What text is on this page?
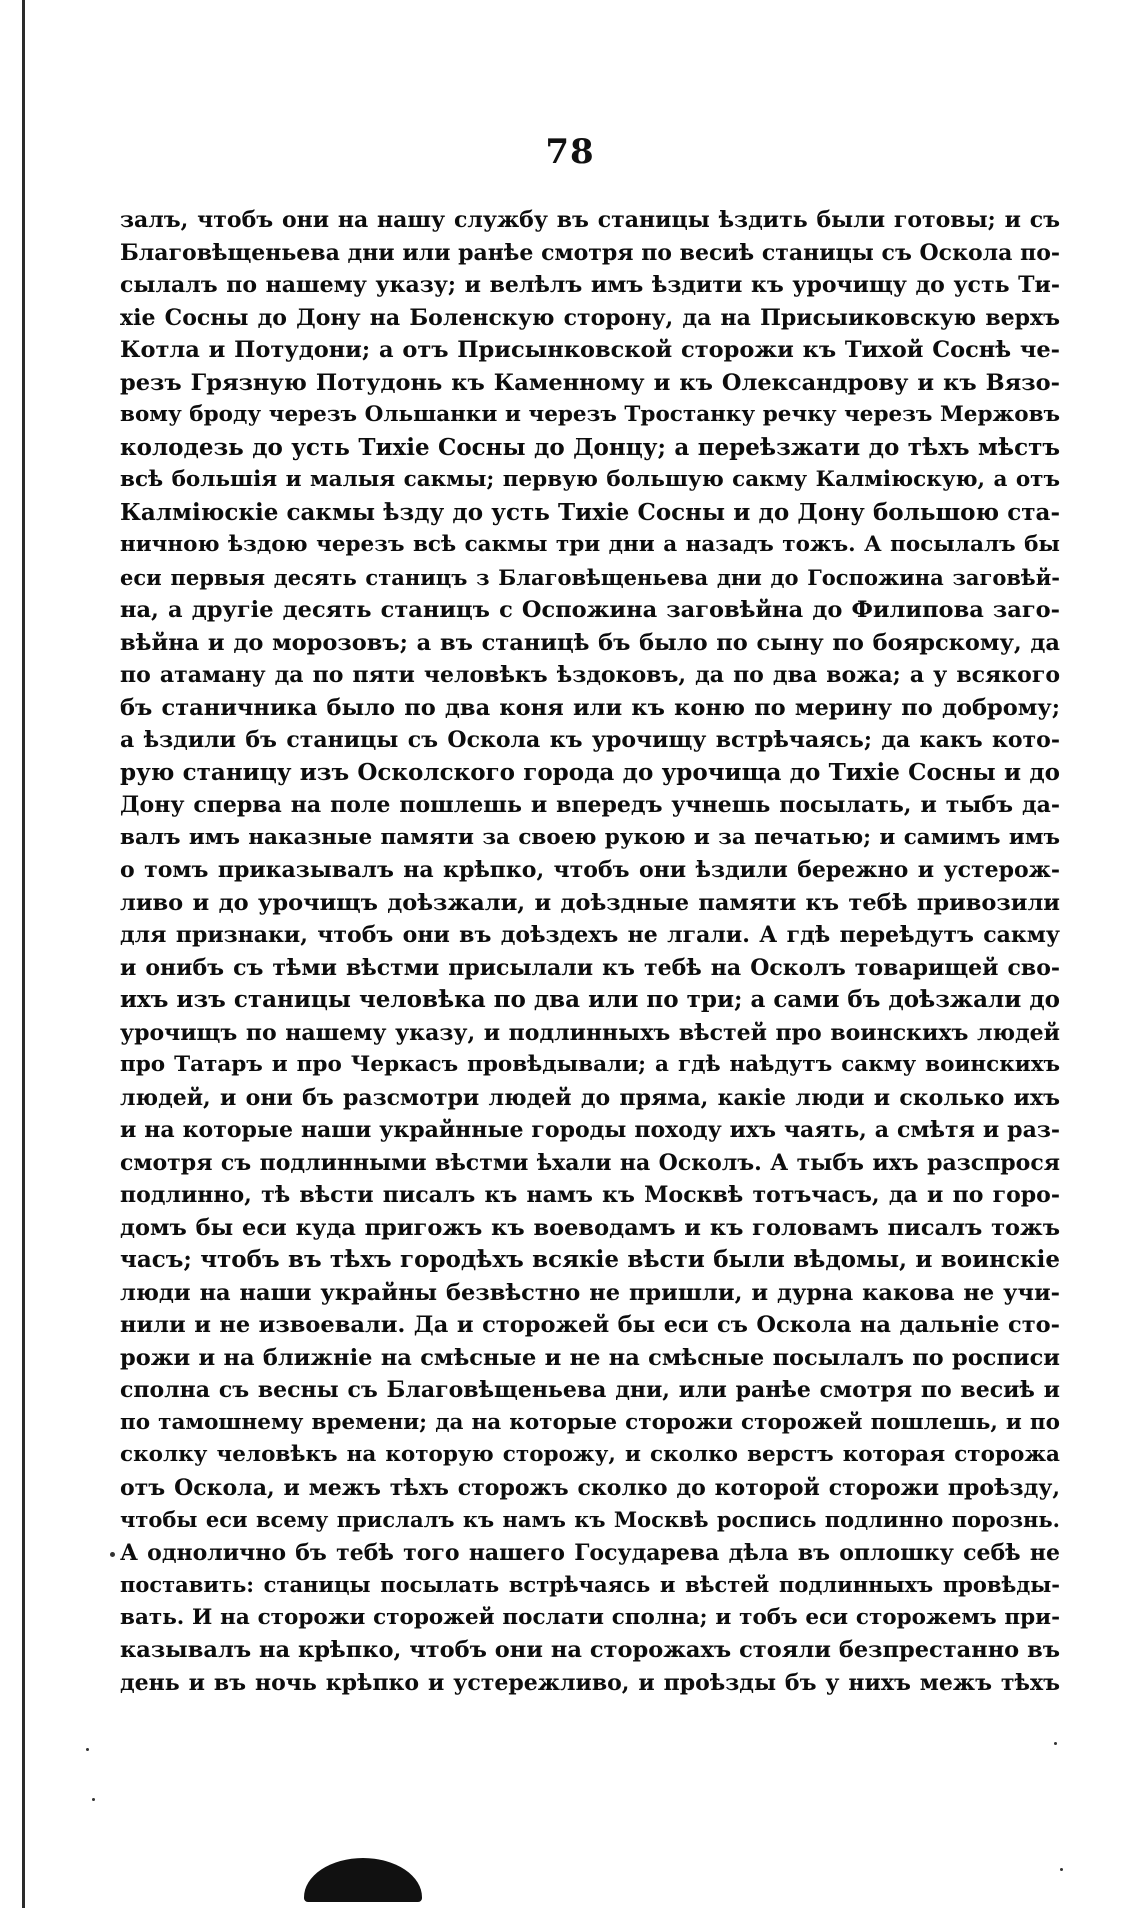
78
залъ, чтобъ они на нашу службу въ станицы ѣздить были готовы; и съ
Благовѣщеньева дни или ранѣе смотря по весиѣ станицы съ Оскола по-
сылалъ по нашему указу; и велѣлъ имъ ѣздити къ урочищу до усть Ти-
хіе Сосны до Дону на Боленскую сторону, да на Присыиковскую верхъ
Котла и Потудони; а отъ Присынковской сторожи къ Тихой Соснѣ че-
резъ Грязную Потудонь къ Каменному и къ Олександрову и къ Вязо-
вому броду черезъ Ольшанки и черезъ Тростанку речку черезъ Мержовъ
колодезь до усть Тихіе Сосны до Донцу; а переѣзжати до тѣхъ мѣстъ
всѣ большія и малыя сакмы; первую большую сакму Калміюскую, а отъ
Калміюскіе сакмы ѣзду до усть Тихіе Сосны и до Дону большою ста-
ничною ѣздою черезъ всѣ сакмы три дни а назадъ тожъ. А посылалъ бы
еси первыя десять станицъ з Благовѣщеньева дни до Госпожина заговѣй-
на, а другіе десять станицъ с Оспожина заговѣйна до Филипова заго-
вѣйна и до морозовъ; а въ станицѣ бъ было по сыну по боярскому, да
по атаману да по пяти человѣкъ ѣздоковъ, да по два вожа; а у всякого
бъ станичника было по два коня или къ коню по мерину по доброму;
а ѣздили бъ станицы съ Оскола къ урочищу встрѣчаясь; да какъ кото-
рую станицу изъ Осколского города до урочища до Тихіе Сосны и до
Дону сперва на поле пошлешь и впередъ учнешь посылать, и тыбъ да-
валъ имъ наказные памяти за своею рукою и за печатью; и самимъ имъ
о томъ приказывалъ на крѣпко, чтобъ они ѣздили бережно и устерож-
ливо и до урочищъ доѣзжали, и доѣздные памяти къ тебѣ привозили
для признаки, чтобъ они въ доѣздехъ не лгали. А гдѣ переѣдутъ сакму
и онибъ съ тѣми вѣстми присылали къ тебѣ на Осколъ товарищей сво-
ихъ изъ станицы человѣка по два или по три; а сами бъ доѣзжали до
урочищъ по нашему указу, и подлинныхъ вѣстей про воинскихъ людей
про Татаръ и про Черкасъ провѣдывали; а гдѣ наѣдутъ сакму воинскихъ
людей, и они бъ разсмотри людей до пряма, какіе люди и сколько ихъ
и на которые наши украйнные городы походу ихъ чаять, а смѣтя и раз-
смотря съ подлинными вѣстми ѣхали на Осколъ. А тыбъ ихъ разспрося
подлинно, тѣ вѣсти писалъ къ намъ къ Москвѣ тотъчасъ, да и по горо-
домъ бы еси куда пригожъ къ воеводамъ и къ головамъ писалъ тожъ
часъ; чтобъ въ тѣхъ городѣхъ всякіе вѣсти были вѣдомы, и воинскіе
люди на наши украйны безвѣстно не пришли, и дурна какова не учи-
нили и не извоевали. Да и сторожей бы еси съ Оскола на дальніе сто-
рожи и на ближніе на смѣсные и не на смѣсные посылалъ по росписи
сполна съ весны съ Благовѣщеньева дни, или ранѣе смотря по весиѣ и
по тамошнему времени; да на которые сторожи сторожей пошлешь, и по
сколку человѣкъ на которую сторожу, и сколко верстъ которая сторожа
отъ Оскола, и межъ тѣхъ сторожъ сколко до которой сторожи проѣзду,
чтобы еси всему прислалъ къ намъ къ Москвѣ роспись подлинно порознь.
А однолично бъ тебѣ того нашего Государева дѣла въ оплошку себѣ не
поставить: станицы посылать встрѣчаясь и вѣстей подлинныхъ провѣды-
вать. И на сторожи сторожей послати сполна; и тобъ еси сторожемъ при-
казывалъ на крѣпко, чтобъ они на сторожахъ стояли безпрестанно въ
день и въ ночь крѣпко и устережливо, и проѣзды бъ у нихъ межъ тѣхъ
